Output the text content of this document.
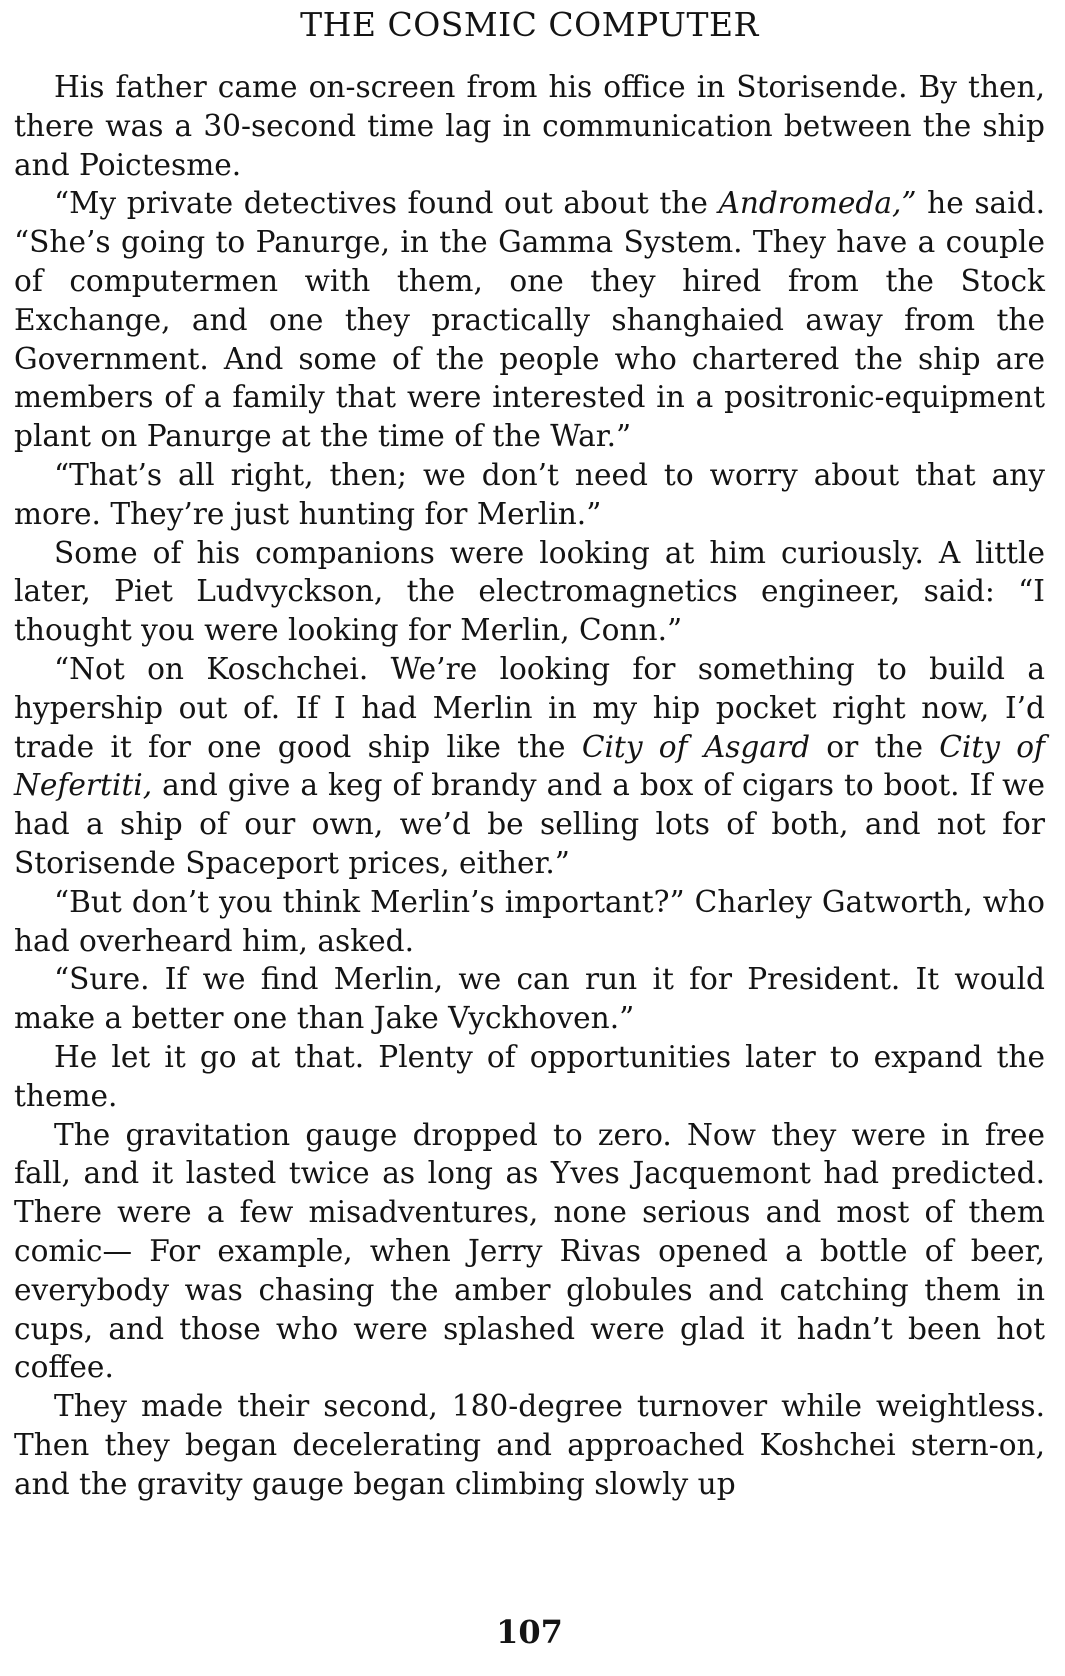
THE COSMIC COMPUTER

His father came on-screen from his office in Storisende. By then, there was a 30-second time lag in communication between the ship and Poictesme.

“My private detectives found out about the Andromeda,” he said. “She’s going to Panurge, in the Gamma System. They have a couple of computermen with them, one they hired from the Stock Exchange, and one they practically shanghaied away from the Government. And some of the people who chartered the ship are members of a family that were interested in a positronic-equipment plant on Panurge at the time of the War.”

“That’s all right, then; we don’t need to worry about that any more. They’re just hunting for Merlin.”

Some of his companions were looking at him curiously. A little later, Piet Ludvyckson, the electromagnetics engineer, said: “I thought you were looking for Merlin, Conn.”

“Not on Koschchei. We’re looking for something to build a hypership out of. If I had Merlin in my hip pocket right now, I’d trade it for one good ship like the City of Asgard or the City of Nefertiti, and give a keg of brandy and a box of cigars to boot. If we had a ship of our own, we’d be selling lots of both, and not for Storisende Spaceport prices, either.”

“But don’t you think Merlin’s important?” Charley Gatworth, who had overheard him, asked.

“Sure. If we find Merlin, we can run it for President. It would make a better one than Jake Vyckhoven.”

He let it go at that. Plenty of opportunities later to expand the theme.

The gravitation gauge dropped to zero. Now they were in free fall, and it lasted twice as long as Yves Jacquemont had predicted. There were a few misadventures, none serious and most of them comic— For example, when Jerry Rivas opened a bottle of beer, everybody was chasing the amber globules and catching them in cups, and those who were splashed were glad it hadn’t been hot coffee.

They made their second, 180-degree turnover while weightless. Then they began decelerating and approached Koshchei stern-on, and the gravity gauge began climbing slowly up

107
